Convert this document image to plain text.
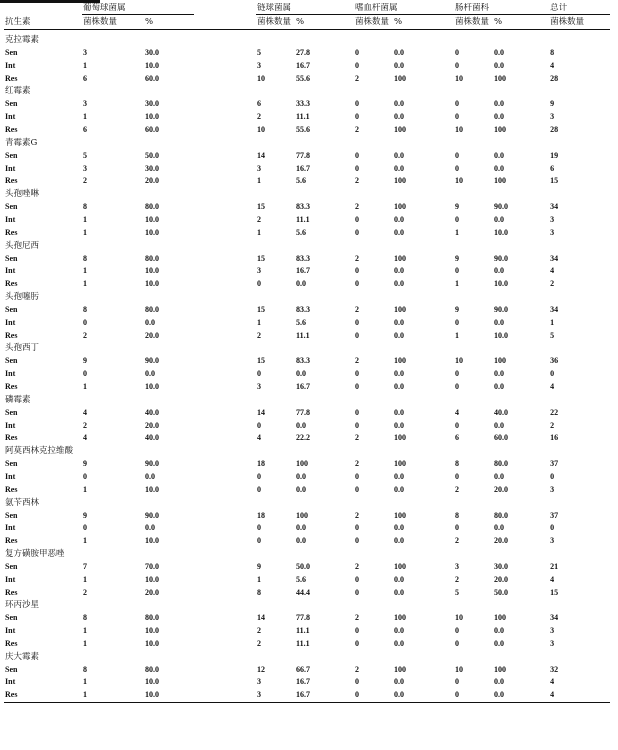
	葡萄球菌属			链球菌属		嗜血杆菌属		肠杆菌科		总计	
抗生素	菌株数量	%		菌株数量	%	菌株数量	%	菌株数量	%	菌株数量	

克拉霉素											
Sen	3	30.0		5	27.8	0	0.0	0	0.0	8	
Int	1	10.0		3	16.7	0	0.0	0	0.0	4	
Res	6	60.0		10	55.6	2	100	10	100	28	
红霉素											
Sen	3	30.0		6	33.3	0	0.0	0	0.0	9	
Int	1	10.0		2	11.1	0	0.0	0	0.0	3	
Res	6	60.0		10	55.6	2	100	10	100	28	
青霉素G											
Sen	5	50.0		14	77.8	0	0.0	0	0.0	19	
Int	3	30.0		3	16.7	0	0.0	0	0.0	6	
Res	2	20.0		1	5.6	2	100	10	100	15	
头孢唑啉											
Sen	8	80.0		15	83.3	2	100	9	90.0	34	
Int	1	10.0		2	11.1	0	0.0	0	0.0	3	
Res	1	10.0		1	5.6	0	0.0	1	10.0	3	
头孢尼西											
Sen	8	80.0		15	83.3	2	100	9	90.0	34	
Int	1	10.0		3	16.7	0	0.0	0	0.0	4	
Res	1	10.0		0	0.0	0	0.0	1	10.0	2	
头孢噻肟											
Sen	8	80.0		15	83.3	2	100	9	90.0	34	
Int	0	0.0		1	5.6	0	0.0	0	0.0	1	
Res	2	20.0		2	11.1	0	0.0	1	10.0	5	
头孢西丁											
Sen	9	90.0		15	83.3	2	100	10	100	36	
Int	0	0.0		0	0.0	0	0.0	0	0.0	0	
Res	1	10.0		3	16.7	0	0.0	0	0.0	4	
磷霉素											
Sen	4	40.0		14	77.8	0	0.0	4	40.0	22	
Int	2	20.0		0	0.0	0	0.0	0	0.0	2	
Res	4	40.0		4	22.2	2	100	6	60.0	16	
阿莫西林克拉维酸											
Sen	9	90.0		18	100	2	100	8	80.0	37	
Int	0	0.0		0	0.0	0	0.0	0	0.0	0	
Res	1	10.0		0	0.0	0	0.0	2	20.0	3	
氨苄西林											
Sen	9	90.0		18	100	2	100	8	80.0	37	
Int	0	0.0		0	0.0	0	0.0	0	0.0	0	
Res	1	10.0		0	0.0	0	0.0	2	20.0	3	
复方磺胺甲恶唑											
Sen	7	70.0		9	50.0	2	100	3	30.0	21	
Int	1	10.0		1	5.6	0	0.0	2	20.0	4	
Res	2	20.0		8	44.4	0	0.0	5	50.0	15	
环丙沙星											
Sen	8	80.0		14	77.8	2	100	10	100	34	
Int	1	10.0		2	11.1	0	0.0	0	0.0	3	
Res	1	10.0		2	11.1	0	0.0	0	0.0	3	
庆大霉素											
Sen	8	80.0		12	66.7	2	100	10	100	32	
Int	1	10.0		3	16.7	0	0.0	0	0.0	4	
Res	1	10.0		3	16.7	0	0.0	0	0.0	4	
